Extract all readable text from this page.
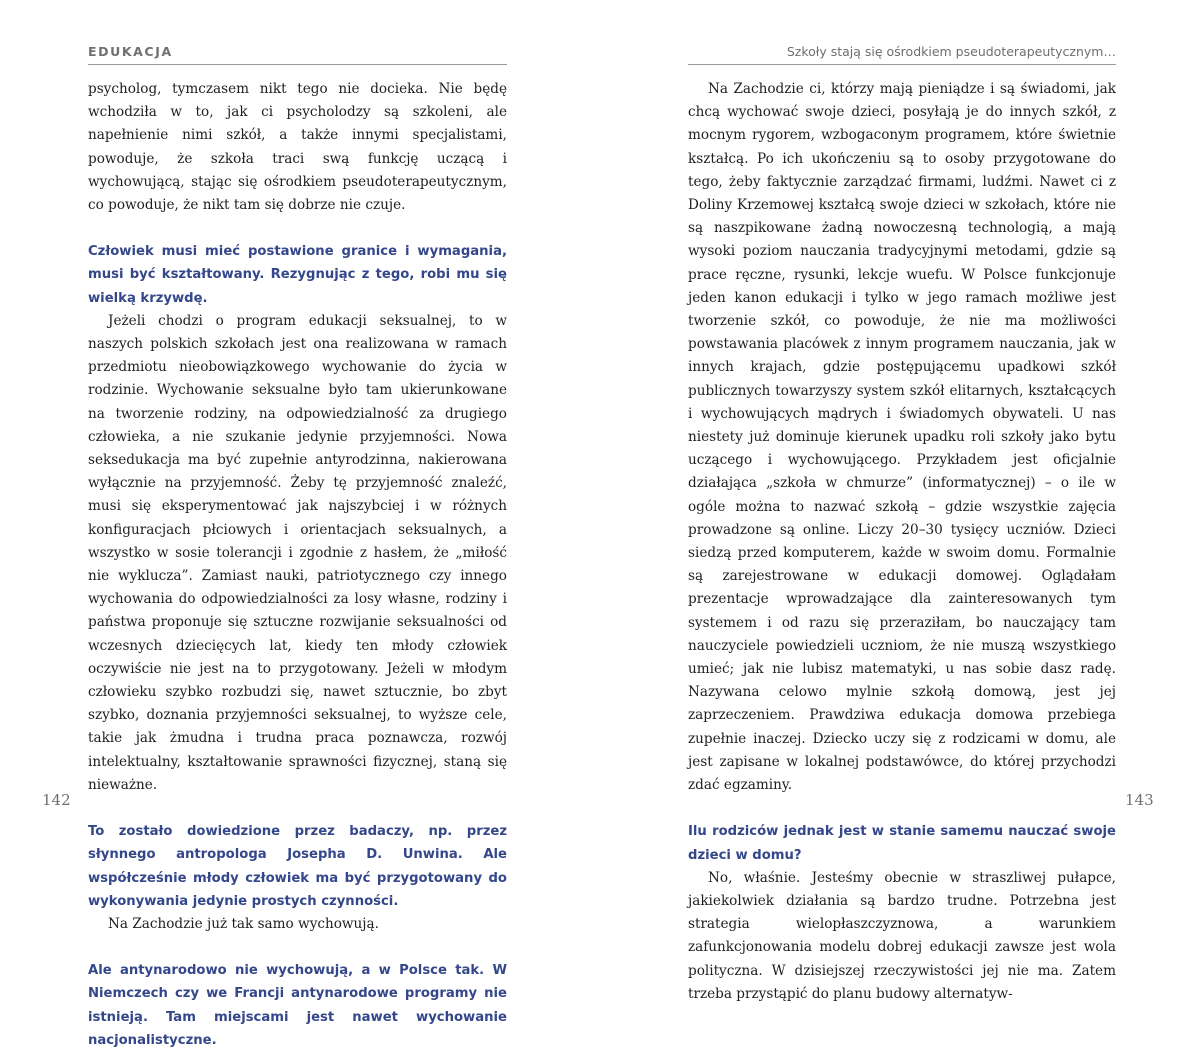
EDUKACJA

psycholog, tymczasem nikt tego nie docieka. Nie będę wchodziła w to, jak ci psycholodzy są szkoleni, ale napełnienie nimi szkół, a także innymi specjalistami, powoduje, że szkoła traci swą funkcję uczącą i wychowującą, stając się ośrodkiem pseudoterapeutycznym, co powoduje, że nikt tam się dobrze nie czuje.

Człowiek musi mieć postawione granice i wymagania, musi być kształtowany. Rezygnując z tego, robi mu się wielką krzywdę.

Jeżeli chodzi o program edukacji seksualnej, to w naszych polskich szkołach jest ona realizowana w ramach przedmiotu nieobowiązkowego wychowanie do życia w rodzinie. Wychowanie seksualne było tam ukierunkowane na tworzenie rodziny, na odpowiedzialność za drugiego człowieka, a nie szukanie jedynie przyjemności. Nowa seksedukacja ma być zupełnie antyrodzinna, nakierowana wyłącznie na przyjemność. Żeby tę przyjemność znaleźć, musi się eksperymentować jak najszybciej i w różnych konfiguracjach płciowych i orientacjach seksualnych, a wszystko w sosie tolerancji i zgodnie z hasłem, że „miłość nie wyklucza”. Zamiast nauki, patriotycznego czy innego wychowania do odpowiedzialności za losy własne, rodziny i państwa proponuje się sztuczne rozwijanie seksualności od wczesnych dziecięcych lat, kiedy ten młody człowiek oczywiście nie jest na to przygotowany. Jeżeli w młodym człowieku szybko rozbudzi się, nawet sztucznie, bo zbyt szybko, doznania przyjemności seksualnej, to wyższe cele, takie jak żmudna i trudna praca poznawcza, rozwój intelektualny, kształtowanie sprawności fizycznej, staną się nieważne.

To zostało dowiedzione przez badaczy, np. przez słynnego antropologa Josepha D. Unwina. Ale współcześnie młody człowiek ma być przygotowany do wykonywania jedynie prostych czynności.

Na Zachodzie już tak samo wychowują.

Ale antynarodowo nie wychowują, a w Polsce tak. W Niemczech czy we Francji antynarodowe programy nie istnieją. Tam miejscami jest nawet wychowanie nacjonalistyczne.

142
Szkoły stają się ośrodkiem pseudoterapeutycznym…

Na Zachodzie ci, którzy mają pieniądze i są świadomi, jak chcą wychować swoje dzieci, posyłają je do innych szkół, z mocnym rygorem, wzbogaconym programem, które świetnie kształcą. Po ich ukończeniu są to osoby przygotowane do tego, żeby faktycznie zarządzać firmami, ludźmi. Nawet ci z Doliny Krzemowej kształcą swoje dzieci w szkołach, które nie są naszpikowane żadną nowoczesną technologią, a mają wysoki poziom nauczania tradycyjnymi metodami, gdzie są prace ręczne, rysunki, lekcje wuefu. W Polsce funkcjonuje jeden kanon edukacji i tylko w jego ramach możliwe jest tworzenie szkół, co powoduje, że nie ma możliwości powstawania placówek z innym programem nauczania, jak w innych krajach, gdzie postępującemu upadkowi szkół publicznych towarzyszy system szkół elitarnych, kształcących i wychowujących mądrych i świadomych obywateli. U nas niestety już dominuje kierunek upadku roli szkoły jako bytu uczącego i wychowującego. Przykładem jest oficjalnie działająca „szkoła w chmurze” (informatycznej) – o ile w ogóle można to nazwać szkołą – gdzie wszystkie zajęcia prowadzone są online. Liczy 20–30 tysięcy uczniów. Dzieci siedzą przed komputerem, każde w swoim domu. Formalnie są zarejestrowane w edukacji domowej. Oglądałam prezentacje wprowadzające dla zainteresowanych tym systemem i od razu się przeraziłam, bo nauczający tam nauczyciele powiedzieli uczniom, że nie muszą wszystkiego umieć; jak nie lubisz matematyki, u nas sobie dasz radę. Nazywana celowo mylnie szkołą domową, jest jej zaprzeczeniem. Prawdziwa edukacja domowa przebiega zupełnie inaczej. Dziecko uczy się z rodzicami w domu, ale jest zapisane w lokalnej podstawówce, do której przychodzi zdać egzaminy.

Ilu rodziców jednak jest w stanie samemu nauczać swoje dzieci w domu?

No, właśnie. Jesteśmy obecnie w straszliwej pułapce, jakiekolwiek działania są bardzo trudne. Potrzebna jest strategia wielopłaszczyznowa, a warunkiem zafunkcjonowania modelu dobrej edukacji zawsze jest wola polityczna. W dzisiejszej rzeczywistości jej nie ma. Zatem trzeba przystąpić do planu budowy alternatyw-

143
